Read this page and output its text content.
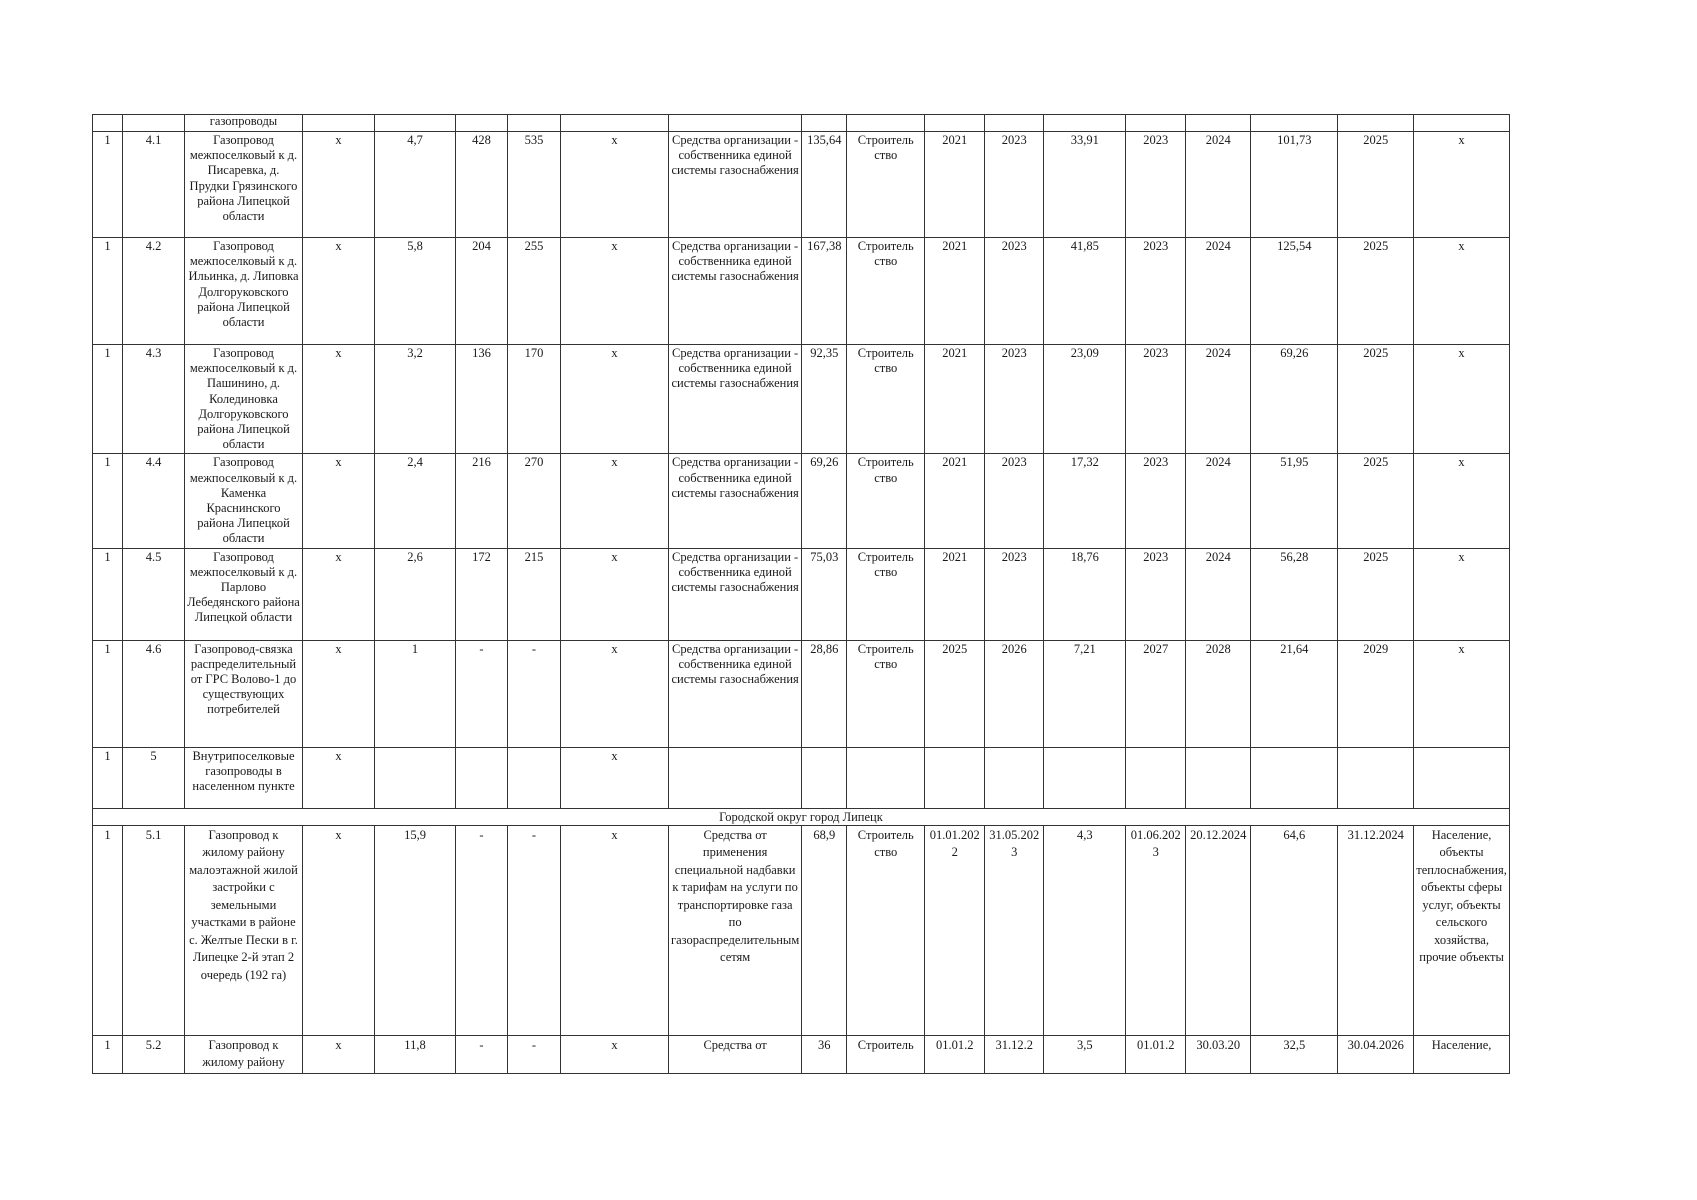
		газопроводы																
1	4.1	Газопровод межпоселковый к д. Писаревка, д. Прудки Грязинского района Липецкой области	х	4,7	428	535	х	Средства организации - собственника единой системы газоснабжения	135,64	Строитель ство	2021	2023	33,91	2023	2024	101,73	2025	х
1	4.2	Газопровод межпоселковый к д. Ильинка, д. Липовка Долгоруковского района Липецкой области	х	5,8	204	255	х	Средства организации - собственника единой системы газоснабжения	167,38	Строитель ство	2021	2023	41,85	2023	2024	125,54	2025	х
1	4.3	Газопровод межпоселковый к д. Пашинино, д. Колединовка Долгоруковского района Липецкой области	х	3,2	136	170	х	Средства организации - собственника единой системы газоснабжения	92,35	Строитель ство	2021	2023	23,09	2023	2024	69,26	2025	х
1	4.4	Газопровод межпоселковый к д. Каменка Краснинского района Липецкой области	х	2,4	216	270	х	Средства организации - собственника единой системы газоснабжения	69,26	Строитель ство	2021	2023	17,32	2023	2024	51,95	2025	х
1	4.5	Газопровод межпоселковый к д. Парлово Лебедянского района Липецкой области	х	2,6	172	215	х	Средства организации - собственника единой системы газоснабжения	75,03	Строитель ство	2021	2023	18,76	2023	2024	56,28	2025	х
1	4.6	Газопровод-связка распределительный от ГРС Волово-1 до существующих потребителей	х	1	-	-	х	Средства организации - собственника единой системы газоснабжения	28,86	Строитель ство	2025	2026	7,21	2027	2028	21,64	2029	х
1	5	Внутрипоселковые газопроводы в населенном пункте	х				х											
Городской округ город Липецк																		
1	5.1	Газопровод к жилому району малоэтажной жилой застройки с земельными участками в районе с. Желтые Пески в г. Липецке 2-й этап 2 очередь (192 га)	х	15,9	-	-	х	Средства от применения специальной надбавки к тарифам на услуги по транспортировке газа по газораспределительным сетям	68,9	Строитель ство	01.01.2022	31.05.2023	4,3	01.06.2023	20.12.2024	64,6	31.12.2024	Население, объекты теплоснабжения, объекты сферы услуг, объекты сельского хозяйства, прочие объекты
1	5.2	Газопровод к жилому району	х	11,8	-	-	х	Средства от	36	Строитель	01.01.2	31.12.2	3,5	01.01.2	30.03.20	32,5	30.04.2026	Население,
